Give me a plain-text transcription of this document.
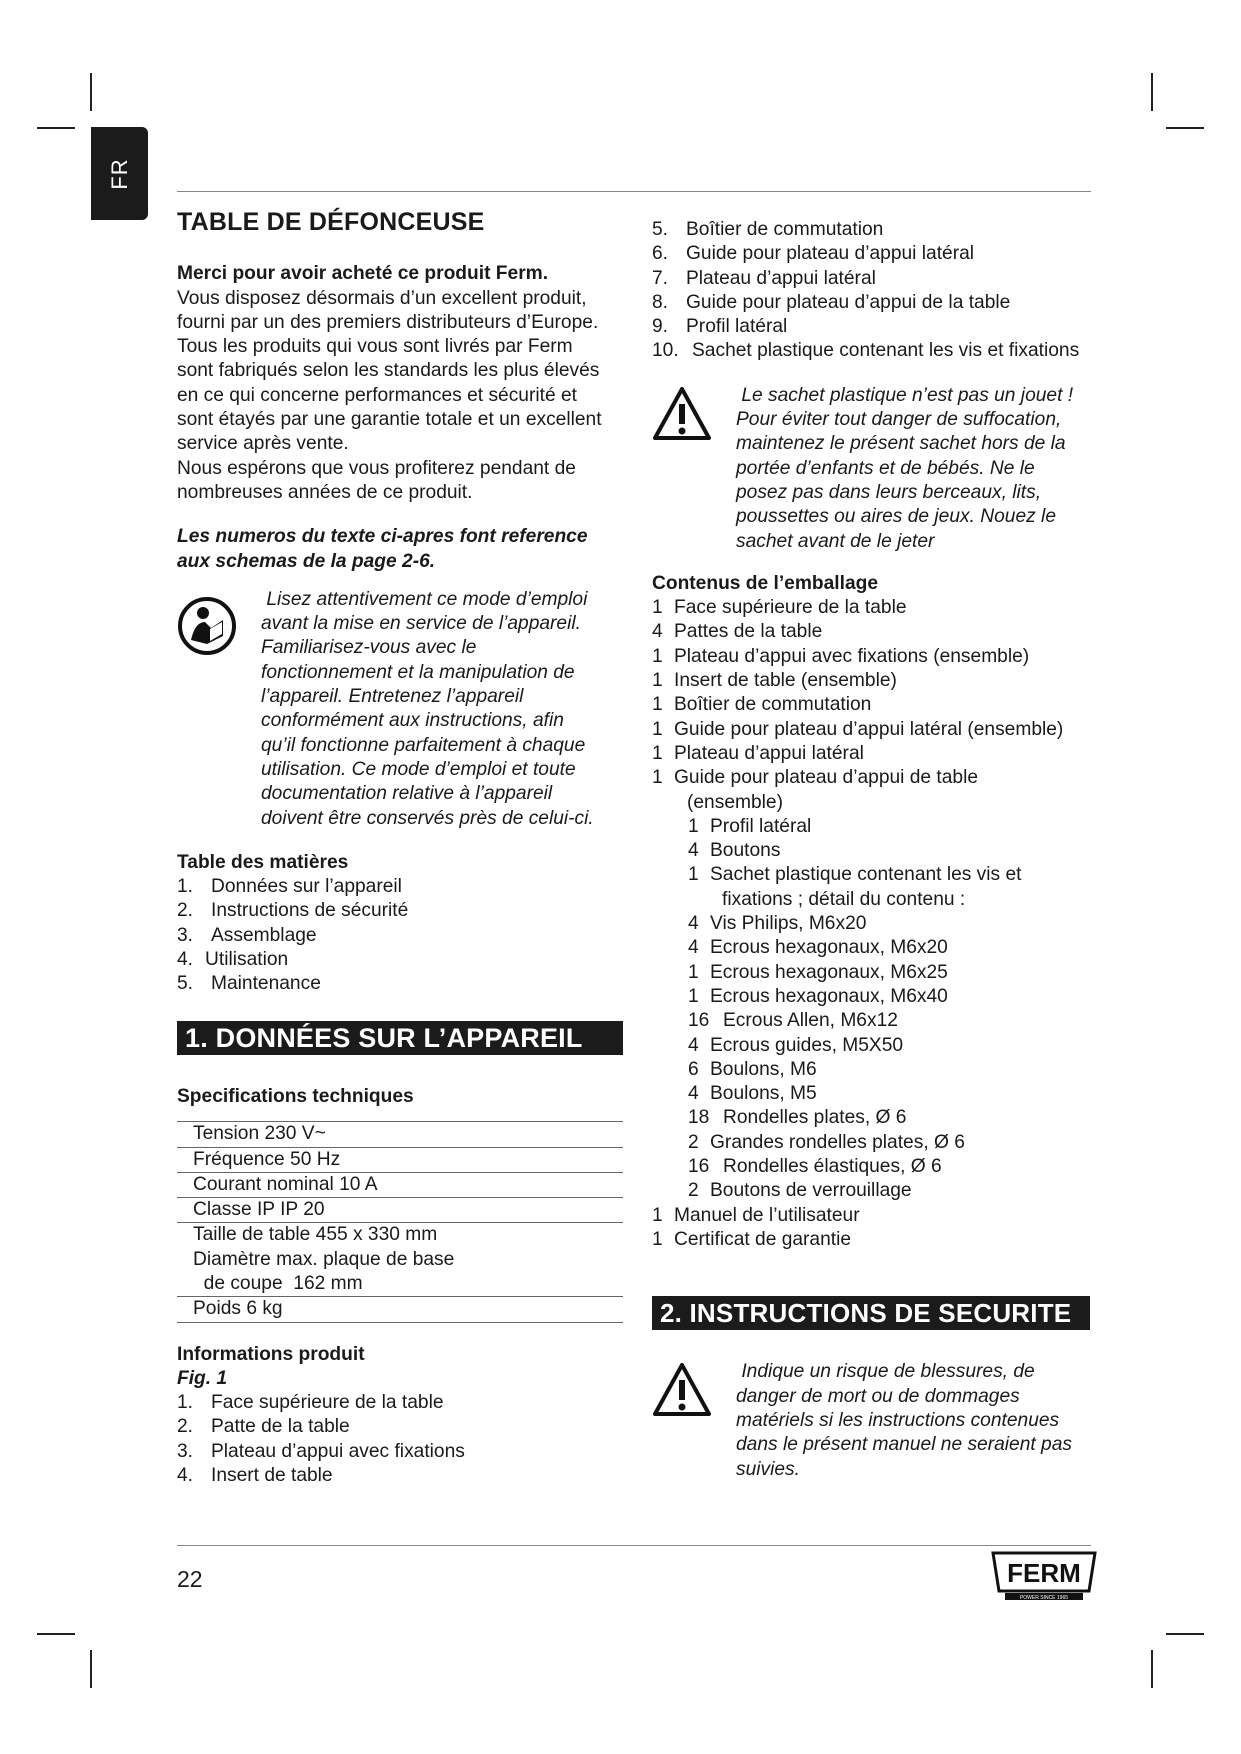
FR
TABLE DE DÉFONCEUSE

Merci pour avoir acheté ce produit Ferm.

Vous disposez désormais d’un excellent produit,

fourni par un des premiers distributeurs d’Europe.

Tous les produits qui vous sont livrés par Ferm

sont fabriqués selon les standards les plus élevés

en ce qui concerne performances et sécurité et

sont étayés par une garantie totale et un excellent

service après vente.

Nous espérons que vous profiterez pendant de

nombreuses années de ce produit.

Les numeros du texte ci-apres font reference

aux schemas de la page 2-6.

Lisez attentivement ce mode d’emploi

avant la mise en service de l’appareil.

Familiarisez-vous avec le

fonctionnement et la manipulation de

l’appareil. Entretenez l’appareil

conformément aux instructions, afin

qu’il fonctionne parfaitement à chaque

utilisation. Ce mode d’emploi et toute

documentation relative à l’appareil

doivent être conservés près de celui-ci.

Table des matières

1. Données sur l’appareil
2. Instructions de sécurité
3. Assemblage
4. Utilisation
5. Maintenance
1. DONNÉES SUR L’APPAREIL

Specifications techniques

Tension 230 V~
Fréquence 50 Hz
Courant nominal 10 A
Classe IP IP 20
Taille de table 455 x 330 mm
Diamètre max. plaque de base
de coupe  162 mm
Poids 6 kg

Informations produit

Fig. 1

1. Face supérieure de la table
2. Patte de la table
3. Plateau d’appui avec fixations
4. Insert de table
5. Boîtier de commutation
6. Guide pour plateau d’appui latéral
7. Plateau d’appui latéral
8. Guide pour plateau d’appui de la table
9. Profil latéral
10. Sachet plastique contenant les vis et fixations

Le sachet plastique n’est pas un jouet !

Pour éviter tout danger de suffocation,

maintenez le présent sachet hors de la

portée d’enfants et de bébés. Ne le

posez pas dans leurs berceaux, lits,

poussettes ou aires de jeux. Nouez le

sachet avant de le jeter

Contenus de l’emballage

1 Face supérieure de la table
4 Pattes de la table
1 Plateau d’appui avec fixations (ensemble)
1 Insert de table (ensemble)
1 Boîtier de commutation
1 Guide pour plateau d’appui latéral (ensemble)
1 Plateau d’appui latéral
1 Guide pour plateau d’appui de table
(ensemble)
1 Profil latéral
4 Boutons
1 Sachet plastique contenant les vis et
fixations ; détail du contenu :
4 Vis Philips, M6x20
4 Ecrous hexagonaux, M6x20
1 Ecrous hexagonaux, M6x25
1 Ecrous hexagonaux, M6x40
16 Ecrous Allen, M6x12
4 Ecrous guides, M5X50
6 Boulons, M6
4 Boulons, M5
18 Rondelles plates, Ø 6
2 Grandes rondelles plates, Ø 6
16 Rondelles élastiques, Ø 6
2 Boutons de verrouillage
1 Manuel de l’utilisateur
1 Certificat de garantie
2. INSTRUCTIONS DE SECURITE

Indique un risque de blessures, de

danger de mort ou de dommages

matériels si les instructions contenues

dans le présent manuel ne seraient pas

suivies.

22	FERM
POWER SINCE 1965
